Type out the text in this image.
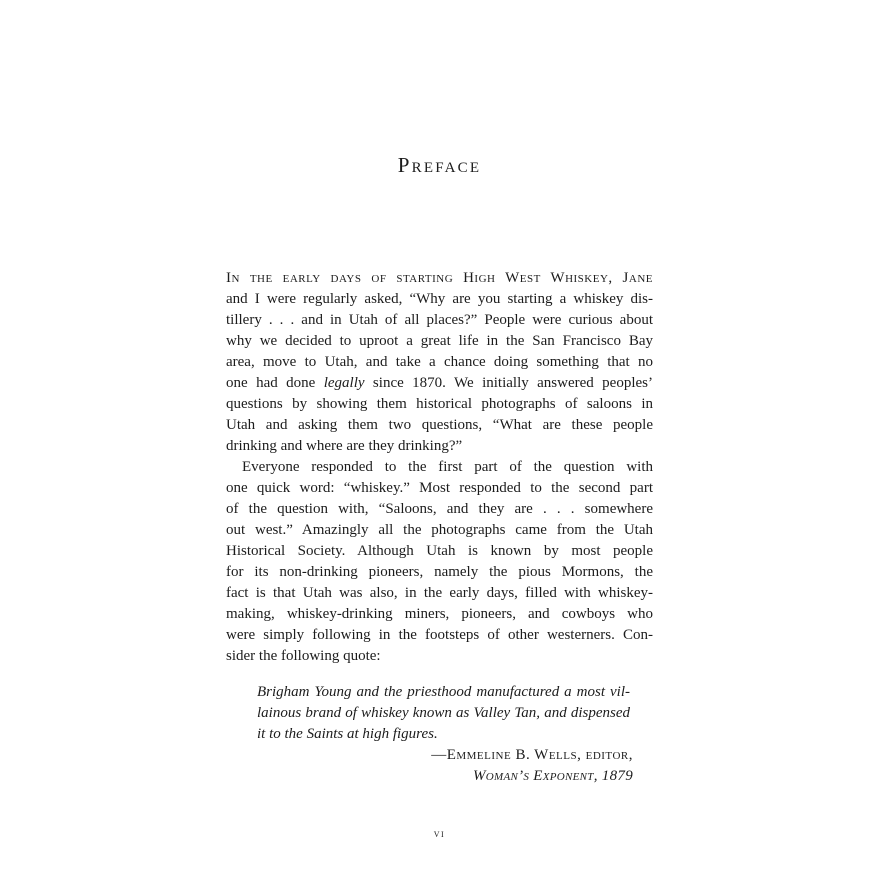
Preface
In the early days of starting High West Whiskey, Jane
and I were regularly asked, “Why are you starting a whiskey dis-
tillery . . . and in Utah of all places?” People were curious about
why we decided to uproot a great life in the San Francisco Bay
area, move to Utah, and take a chance doing something that no
one had done legally since 1870. We initially answered peoples’
questions by showing them historical photographs of saloons in
Utah and asking them two questions, “What are these people
drinking and where are they drinking?”
Everyone responded to the first part of the question with
one quick word: “whiskey.” Most responded to the second part
of the question with, “Saloons, and they are . . . somewhere
out west.” Amazingly all the photographs came from the Utah
Historical Society. Although Utah is known by most people
for its non-drinking pioneers, namely the pious Mormons, the
fact is that Utah was also, in the early days, filled with whiskey-
making, whiskey-drinking miners, pioneers, and cowboys who
were simply following in the footsteps of other westerners. Con-
sider the following quote:
Brigham Young and the priesthood manufactured a most vil-
lainous brand of whiskey known as Valley Tan, and dispensed
it to the Saints at high figures.
—Emmeline B. Wells, editor,
Woman’s Exponent, 1879
vi
